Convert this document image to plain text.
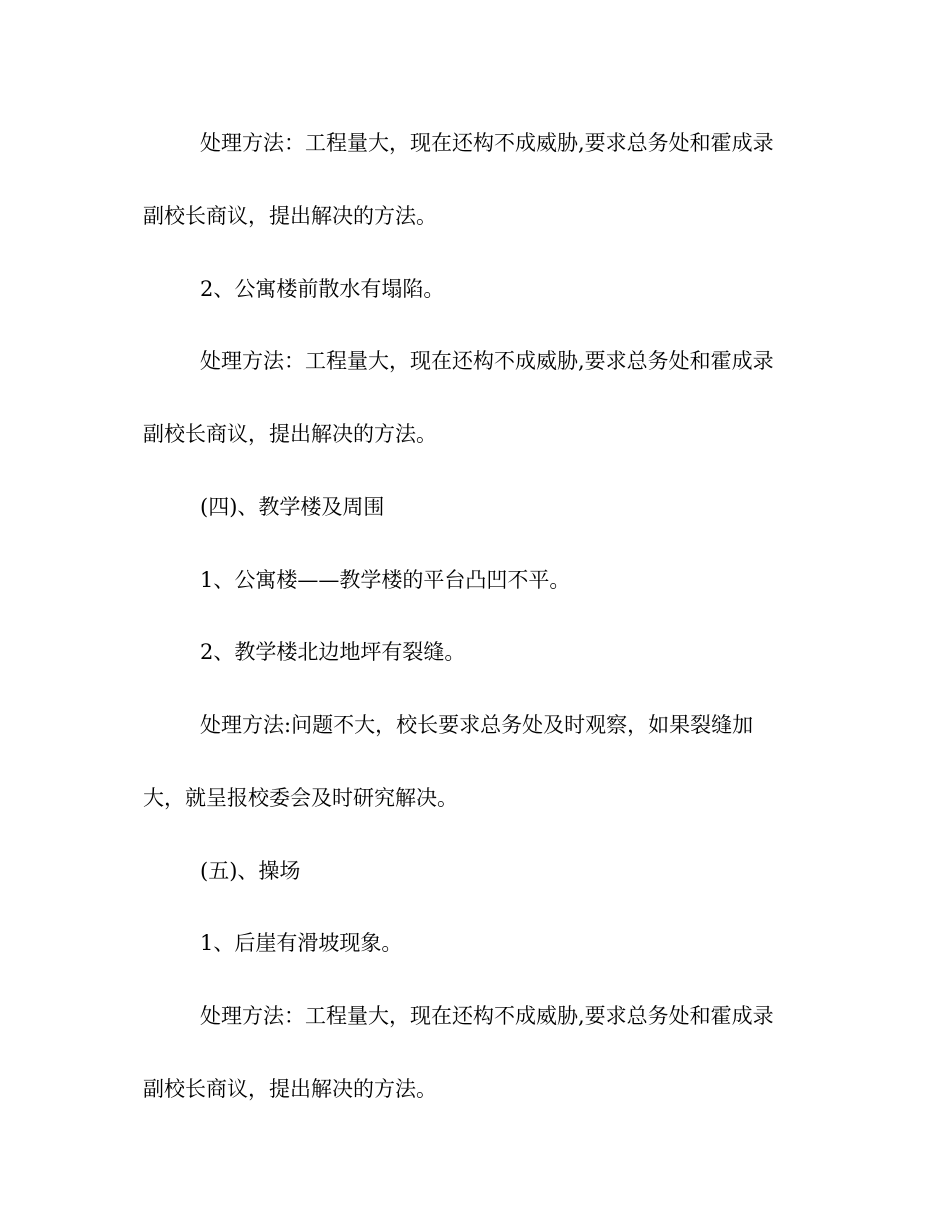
处理方法：工程量大，现在还构不成威胁,要求总务处和霍成录
副校长商议，提出解决的方法。
2、公寓楼前散水有塌陷。
处理方法：工程量大，现在还构不成威胁,要求总务处和霍成录
副校长商议，提出解决的方法。
(四)、教学楼及周围
1、公寓楼——教学楼的平台凸凹不平。
2、教学楼北边地坪有裂缝。
处理方法:问题不大，校长要求总务处及时观察，如果裂缝加
大，就呈报校委会及时研究解决。
(五)、操场
1、后崖有滑坡现象。
处理方法：工程量大，现在还构不成威胁,要求总务处和霍成录
副校长商议，提出解决的方法。
